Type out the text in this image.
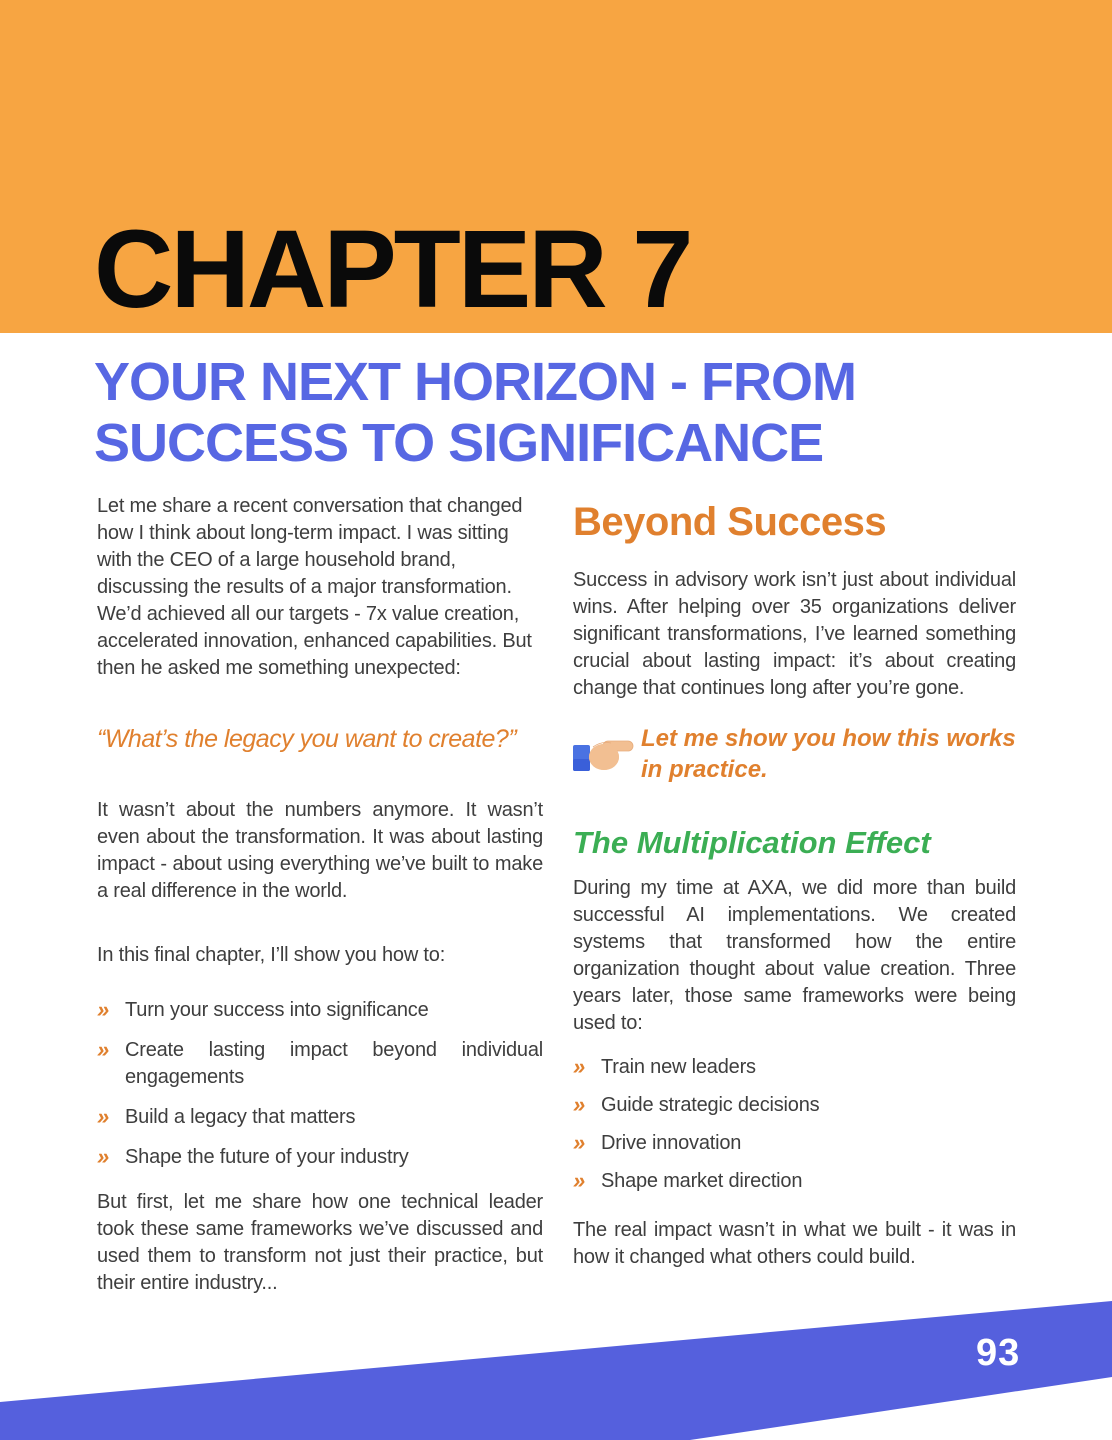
CHAPTER 7
YOUR NEXT HORIZON - FROM SUCCESS TO SIGNIFICANCE

Let me share a recent conversation that changed how I think about long-term impact. I was sitting with the CEO of a large household brand, discussing the results of a major transformation. We’d achieved all our targets - 7x value creation, accelerated innovation, enhanced capabilities. But then he asked me something unexpected:

“What’s the legacy you want to create?”

It wasn’t about the numbers anymore. It wasn’t even about the transformation. It was about lasting impact - about using everything we’ve built to make a real difference in the world.

In this final chapter, I’ll show you how to:

» Turn your success into significance
» Create lasting impact beyond individual engagements
» Build a legacy that matters
» Shape the future of your industry

But first, let me share how one technical leader took these same frameworks we’ve discussed and used them to transform not just their practice, but their entire industry...

Beyond Success

Success in advisory work isn’t just about individual wins. After helping over 35 organizations deliver significant transformations, I’ve learned something crucial about lasting impact: it’s about creating change that continues long after you’re gone.

Let me show you how this works in practice.
The Multiplication Effect

During my time at AXA, we did more than build successful AI implementations. We created systems that transformed how the entire organization thought about value creation. Three years later, those same frameworks were being used to:

» Train new leaders
» Guide strategic decisions
» Drive innovation
» Shape market direction

The real impact wasn’t in what we built - it was in how it changed what others could build.

93
